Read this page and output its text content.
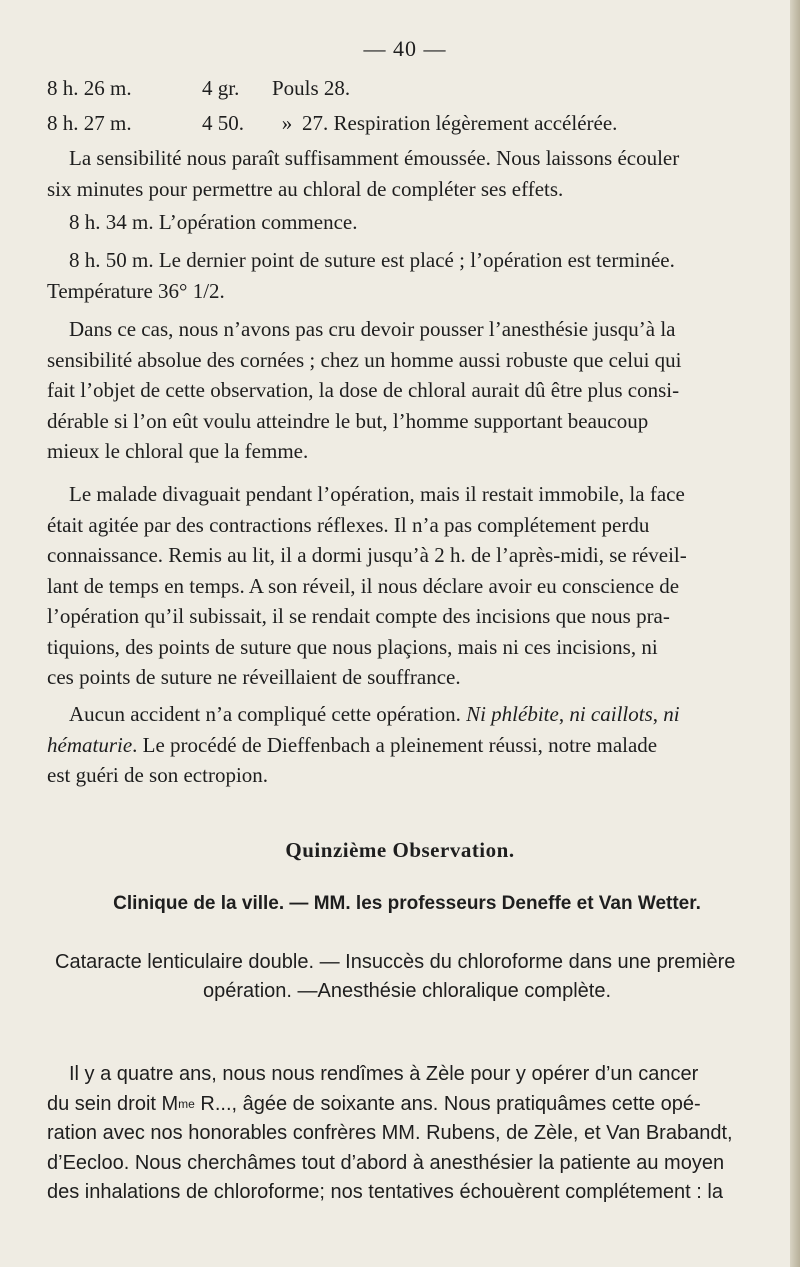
— 40 —
8 h. 26 m.	4 gr. Pouls 28.
8 h. 27 m.	4 50. » 27. Respiration légèrement accélérée.
La sensibilité nous paraît suffisamment émoussée. Nous laissons écouler
six minutes pour permettre au chloral de compléter ses effets.
8 h. 34 m. L’opération commence.
8 h. 50 m. Le dernier point de suture est placé ; l’opération est terminée.
Température 36° 1/2.
Dans ce cas, nous n’avons pas cru devoir pousser l’anesthésie jusqu’à la
sensibilité absolue des cornées ; chez un homme aussi robuste que celui qui
fait l’objet de cette observation, la dose de chloral aurait dû être plus consi-
dérable si l’on eût voulu atteindre le but, l’homme supportant beaucoup
mieux le chloral que la femme.
Le malade divaguait pendant l’opération, mais il restait immobile, la face
était agitée par des contractions réflexes. Il n’a pas complétement perdu
connaissance. Remis au lit, il a dormi jusqu’à 2 h. de l’après-midi, se réveil-
lant de temps en temps. A son réveil, il nous déclare avoir eu conscience de
l’opération qu’il subissait, il se rendait compte des incisions que nous pra-
tiquions, des points de suture que nous plaçions, mais ni ces incisions, ni
ces points de suture ne réveillaient de souffrance.
Aucun accident n’a compliqué cette opération. Ni phlébite, ni caillots, ni
hématurie. Le procédé de Dieffenbach a pleinement réussi, notre malade
est guéri de son ectropion.
Quinzième Observation.
Clinique de la ville. — MM. les professeurs Deneffe et Van Wetter.
Cataracte lenticulaire double. — Insuccès du chloroforme dans une première
opération. —Anesthésie chloralique complète.
Il y a quatre ans, nous nous rendîmes à Zèle pour y opérer d’un cancer
du sein droit $M^{me}$ R..., âgée de soixante ans. Nous pratiquâmes cette opé-
ration avec nos honorables confrères MM. Rubens, de Zèle, et Van Brabandt,
d’Eecloo. Nous cherchâmes tout d’abord à anesthésier la patiente au moyen
des inhalations de chloroforme; nos tentatives échouèrent complétement : la
